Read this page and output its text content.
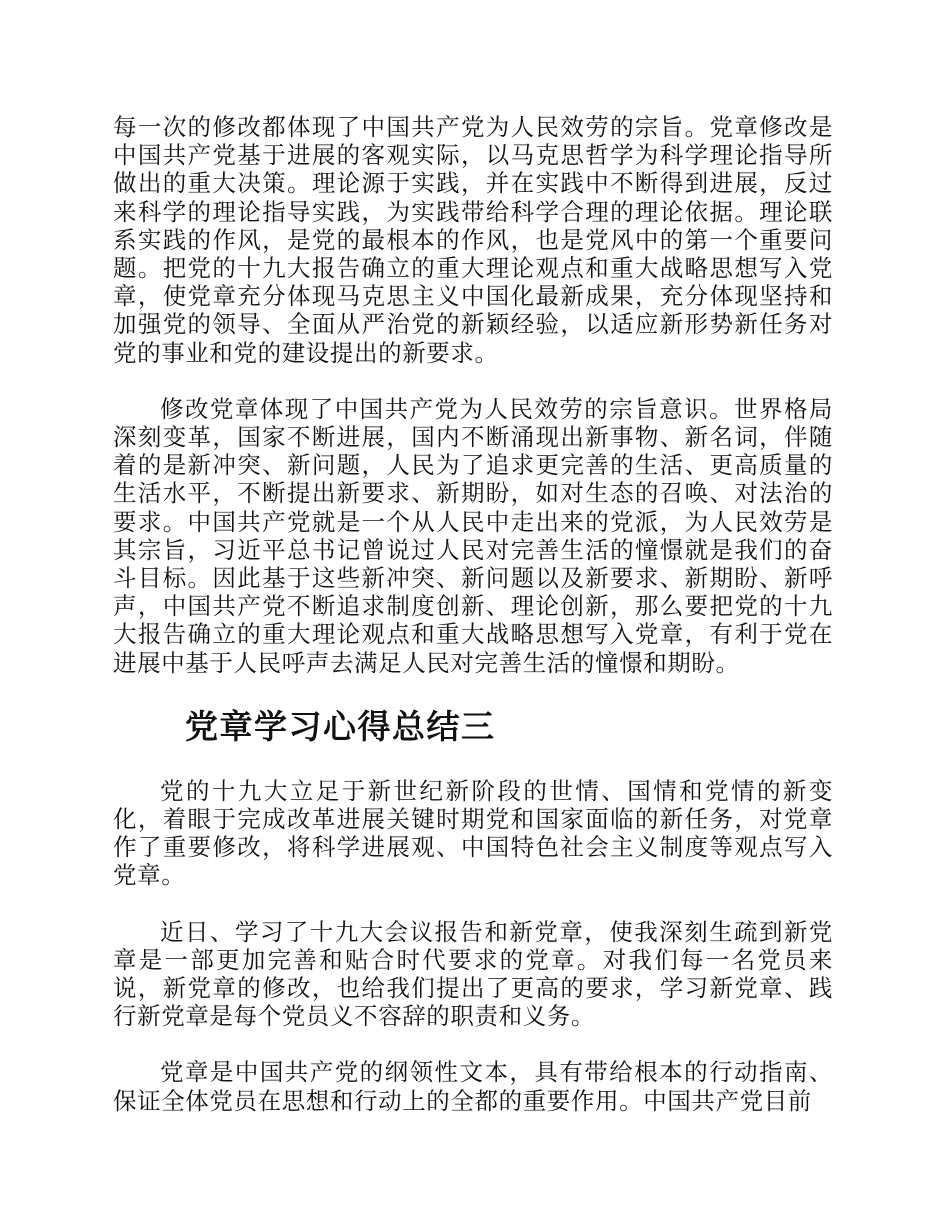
每一次的修改都体现了中国共产党为人民效劳的宗旨。党章修改是中国共产党基于进展的客观实际，以马克思哲学为科学理论指导所做出的重大决策。理论源于实践，并在实践中不断得到进展，反过来科学的理论指导实践，为实践带给科学合理的理论依据。理论联系实践的作风，是党的最根本的作风，也是党风中的第一个重要问题。把党的十九大报告确立的重大理论观点和重大战略思想写入党章，使党章充分体现马克思主义中国化最新成果，充分体现坚持和加强党的领导、全面从严治党的新颖经验，以适应新形势新任务对党的事业和党的建设提出的新要求。

修改党章体现了中国共产党为人民效劳的宗旨意识。世界格局深刻变革，国家不断进展，国内不断涌现出新事物、新名词，伴随着的是新冲突、新问题，人民为了追求更完善的生活、更高质量的生活水平，不断提出新要求、新期盼，如对生态的召唤、对法治的要求。中国共产党就是一个从人民中走出来的党派，为人民效劳是其宗旨，习近平总书记曾说过人民对完善生活的憧憬就是我们的奋斗目标。因此基于这些新冲突、新问题以及新要求、新期盼、新呼声，中国共产党不断追求制度创新、理论创新，那么要把党的十九大报告确立的重大理论观点和重大战略思想写入党章，有利于党在进展中基于人民呼声去满足人民对完善生活的憧憬和期盼。

党章学习心得总结三

党的十九大立足于新世纪新阶段的世情、国情和党情的新变化，着眼于完成改革进展关键时期党和国家面临的新任务，对党章作了重要修改，将科学进展观、中国特色社会主义制度等观点写入党章。

近日、学习了十九大会议报告和新党章，使我深刻生疏到新党章是一部更加完善和贴合时代要求的党章。对我们每一名党员来说，新党章的修改，也给我们提出了更高的要求，学习新党章、践行新党章是每个党员义不容辞的职责和义务。

党章是中国共产党的纲领性文本，具有带给根本的行动指南、保证全体党员在思想和行动上的全都的重要作用。中国共产党目前
